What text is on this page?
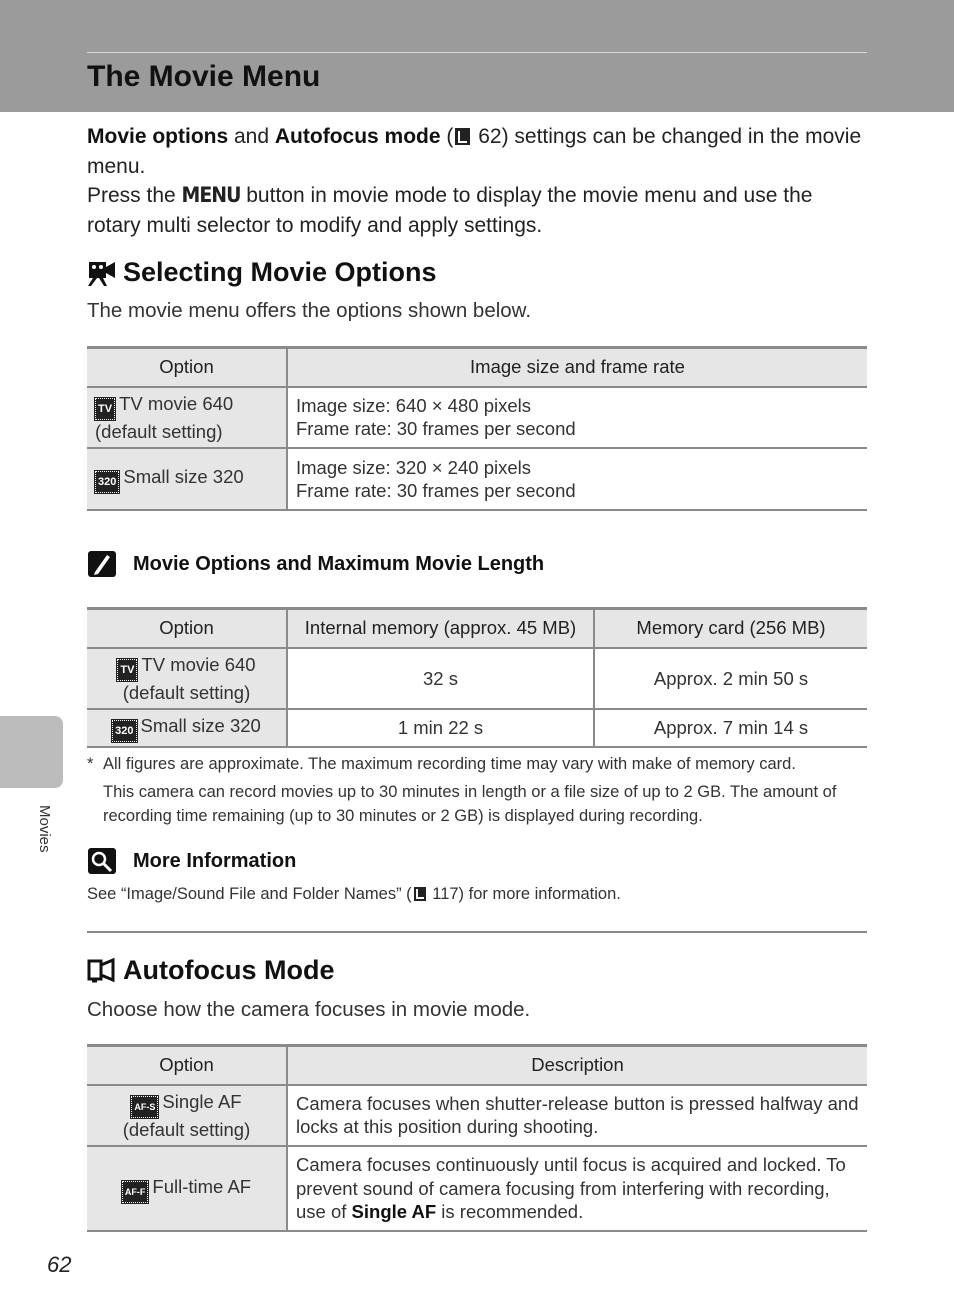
The Movie Menu

Movie options and Autofocus mode ( 62) settings can be changed in the movie menu.

Press the MENU button in movie mode to display the movie menu and use the rotary multi selector to modify and apply settings.

Selecting Movie Options

The movie menu offers the options shown below.

Option	Image size and frame rate
TV TV movie 640
(default setting)	Image size: 640 × 480 pixels
Frame rate: 30 frames per second
320 Small size 320	Image size: 320 × 240 pixels
Frame rate: 30 frames per second
Movie Options and Maximum Movie Length
Option	Internal memory (approx. 45 MB)	Memory card (256 MB)
TV TV movie 640
(default setting)	32 s	Approx. 2 min 50 s
320 Small size 320	1 min 22 s	Approx. 7 min 14 s
* All figures are approximate. The maximum recording time may vary with make of memory card.
This camera can record movies up to 30 minutes in length or a file size of up to 2 GB. The amount of recording time remaining (up to 30 minutes or 2 GB) is displayed during recording.
More Information
See “Image/Sound File and Folder Names” ( 117) for more information.
Autofocus Mode

Choose how the camera focuses in movie mode.

Option	Description
AF-S Single AF
(default setting)	Camera focuses when shutter-release button is pressed halfway and locks at this position during shooting.
AF-F Full-time AF	Camera focuses continuously until focus is acquired and locked. To prevent sound of camera focusing from interfering with recording, use of Single AF is recommended.
Movies
62
